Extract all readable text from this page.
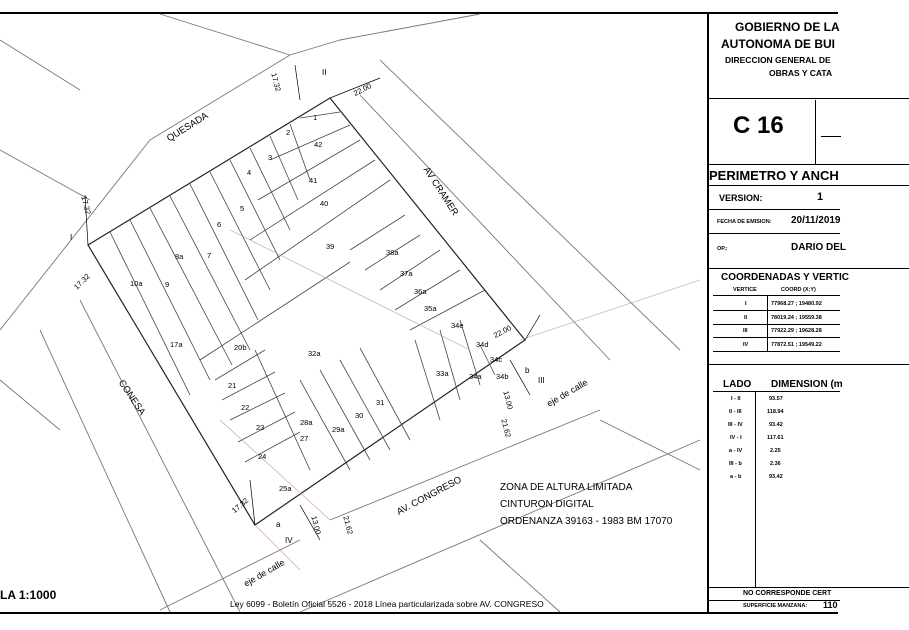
QUESADA
AV CRAMER
CONESA
AV. CONGRESO
eje de calle
eje de calle
I
II
III
IV
a
b
17.32	22.00
17.32
17.32
22.00
13.00
21.62
17.32
13.00 21.62
1
2
3
4
5
6
7
8a
9
10a
42
41
40
39
38a
37a
36a
35a
34e
34d
34c
34b
34a
33a
32a
31
30
29a
28a
27
25a
24
23
22
21
20b
17a
ZONA DE ALTURA LIMITADA
CINTURON DIGITAL
ORDENANZA 39163 - 1983 BM 17070
LA 1:1000
Ley 6099 - Boletín Oficial 5526 - 2018 Línea particularizada sobre AV. CONGRESO
GOBIERNO DE LA
AUTONOMA DE BUI
DIRECCION GENERAL DE
OBRAS Y CATA
C 16
PERIMETRO Y ANCH
VERSION:	1
FECHA DE EMISION: 20/11/2019
OP.:	DARIO DEL
COORDENADAS Y VERTIC
VERTICE	COORD (X;Y)
I	77968.27 ; 19480.92
II	78019.24 ; 19559.38
III	77922.29 ; 19628.28
IV	77872.51 ; 19549.22
LADO DIMENSION (m
I - II	93.57
II - III	118.94
III - IV	93.42
IV - I	117.61
a - IV	2.25
III - b	2.36
a - b	93.42
NO CORRESPONDE CERT
SUPERFICIE MANZANA: 110
